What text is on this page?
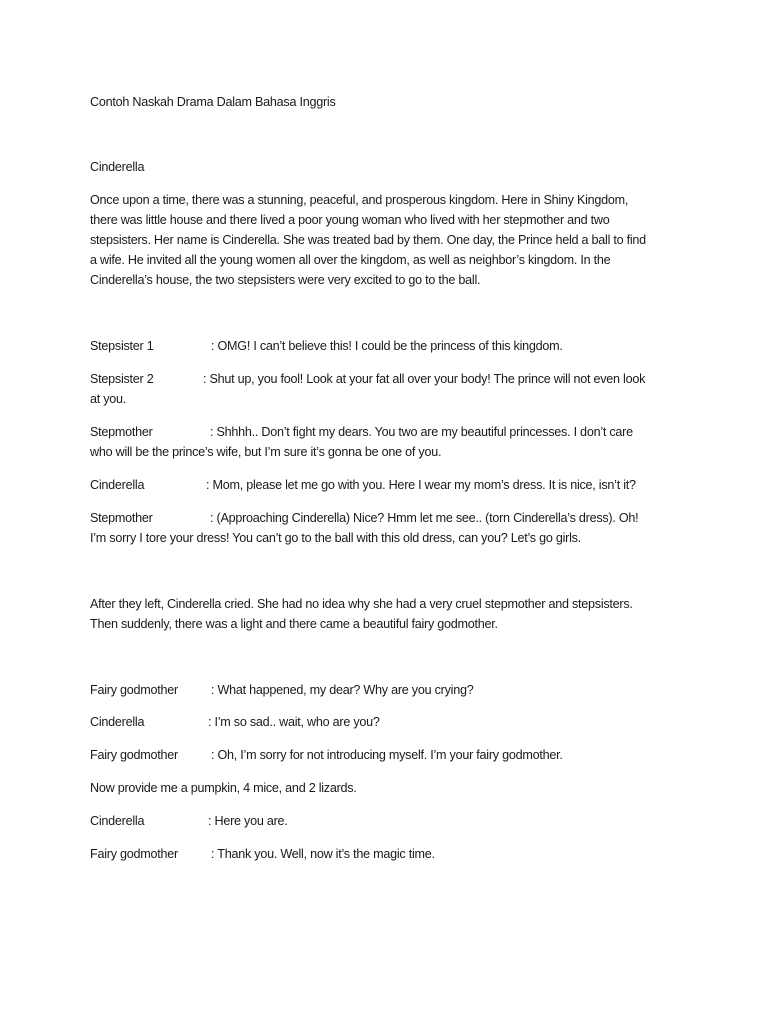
Contoh Naskah Drama Dalam Bahasa Inggris
Cinderella
Once upon a time, there was a stunning, peaceful, and prosperous kingdom. Here in Shiny Kingdom,
there was little house and there lived a poor young woman who lived with her stepmother and two
stepsisters. Her name is Cinderella. She was treated bad by them. One day, the Prince held a ball to find
a wife. He invited all the young women all over the kingdom, as well as neighbor’s kingdom. In the
Cinderella’s house, the two stepsisters were very excited to go to the ball.
Stepsister 1	: OMG! I can’t believe this! I could be the princess of this kingdom.
Stepsister 2	: Shut up, you fool! Look at your fat all over your body! The prince will not even look
at you.
Stepmother	: Shhhh.. Don’t fight my dears. You two are my beautiful princesses. I don’t care
who will be the prince’s wife, but I’m sure it’s gonna be one of you.
Cinderella	: Mom, please let me go with you. Here I wear my mom’s dress. It is nice, isn’t it?
Stepmother	: (Approaching Cinderella) Nice? Hmm let me see.. (torn Cinderella’s dress). Oh!
I’m sorry I tore your dress! You can’t go to the ball with this old dress, can you? Let’s go girls.
After they left, Cinderella cried. She had no idea why she had a very cruel stepmother and stepsisters.
Then suddenly, there was a light and there came a beautiful fairy godmother.
Fairy godmother	: What happened, my dear? Why are you crying?
Cinderella	: I’m so sad.. wait, who are you?
Fairy godmother	: Oh, I’m sorry for not introducing myself. I’m your fairy godmother.
Now provide me a pumpkin, 4 mice, and 2 lizards.
Cinderella	: Here you are.
Fairy godmother	: Thank you. Well, now it’s the magic time.
